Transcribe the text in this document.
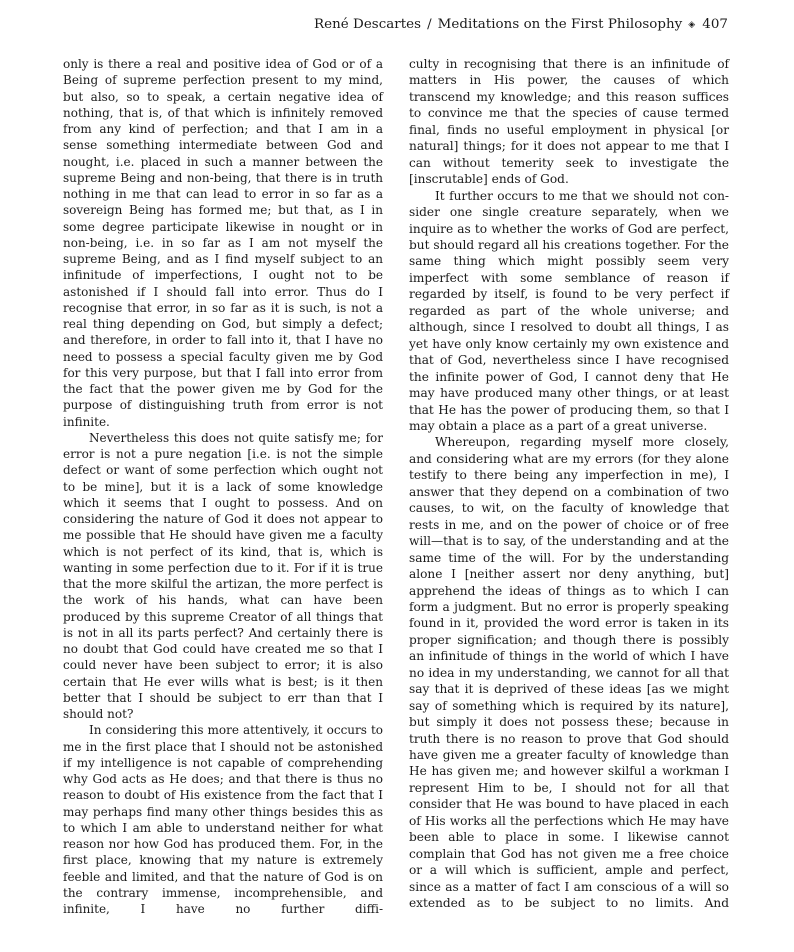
René Descartes / Meditations on the First Philosophy ◈ 407

only is there a real and positive idea of God or of a Being of supreme perfection present to my mind, but also, so to speak, a certain negative idea of nothing, that is, of that which is infinitely removed from any kind of perfection; and that I am in a sense something intermediate between God and nought, i.e. placed in such a manner between the supreme Being and non-being, that there is in truth nothing in me that can lead to error in so far as a sovereign Being has formed me; but that, as I in some degree participate likewise in nought or in non-being, i.e. in so far as I am not myself the supreme Being, and as I find myself subject to an infinitude of imperfections, I ought not to be astonished if I should fall into error. Thus do I recognise that error, in so far as it is such, is not a real thing depending on God, but simply a defect; and therefore, in order to fall into it, that I have no need to possess a special faculty given me by God for this very purpose, but that I fall into error from the fact that the power given me by God for the purpose of distinguishing truth from error is not infinite.

Nevertheless this does not quite satisfy me; for error is not a pure negation [i.e. is not the simple defect or want of some perfection which ought not to be mine], but it is a lack of some knowledge which it seems that I ought to possess. And on considering the nature of God it does not appear to me possible that He should have given me a faculty which is not perfect of its kind, that is, which is wanting in some perfection due to it. For if it is true that the more skilful the artizan, the more perfect is the work of his hands, what can have been produced by this supreme Creator of all things that is not in all its parts perfect? And certainly there is no doubt that God could have created me so that I could never have been subject to error; it is also certain that He ever wills what is best; is it then better that I should be subject to err than that I should not?

In considering this more attentively, it occurs to me in the first place that I should not be astonished if my intelligence is not capable of comprehending why God acts as He does; and that there is thus no reason to doubt of His existence from the fact that I may perhaps find many other things besides this as to which I am able to understand neither for what reason nor how God has produced them. For, in the first place, knowing that my nature is extremely feeble and limited, and that the nature of God is on the contrary immense, incomprehensible, and infinite, I have no further diffi-

culty in recognising that there is an infinitude of matters in His power, the causes of which transcend my knowledge; and this reason suffices to convince me that the species of cause termed final, finds no useful employment in physical [or natural] things; for it does not appear to me that I can without temerity seek to investigate the [inscrutable] ends of God.

It further occurs to me that we should not consider one single creature separately, when we inquire as to whether the works of God are perfect, but should regard all his creations together. For the same thing which might possibly seem very imperfect with some semblance of reason if regarded by itself, is found to be very perfect if regarded as part of the whole universe; and although, since I resolved to doubt all things, I as yet have only know certainly my own existence and that of God, nevertheless since I have recognised the infinite power of God, I cannot deny that He may have produced many other things, or at least that He has the power of producing them, so that I may obtain a place as a part of a great universe.

Whereupon, regarding myself more closely, and considering what are my errors (for they alone testify to there being any imperfection in me), I answer that they depend on a combination of two causes, to wit, on the faculty of knowledge that rests in me, and on the power of choice or of free will—that is to say, of the understanding and at the same time of the will. For by the understanding alone I [neither assert nor deny anything, but] apprehend the ideas of things as to which I can form a judgment. But no error is properly speaking found in it, provided the word error is taken in its proper signification; and though there is possibly an infinitude of things in the world of which I have no idea in my understanding, we cannot for all that say that it is deprived of these ideas [as we might say of something which is required by its nature], but simply it does not possess these; because in truth there is no reason to prove that God should have given me a greater faculty of knowledge than He has given me; and however skilful a workman I represent Him to be, I should not for all that consider that He was bound to have placed in each of His works all the perfections which He may have been able to place in some. I likewise cannot complain that God has not given me a free choice or a will which is sufficient, ample and perfect, since as a matter of fact I am conscious of a will so extended as to be subject to no limits. And
